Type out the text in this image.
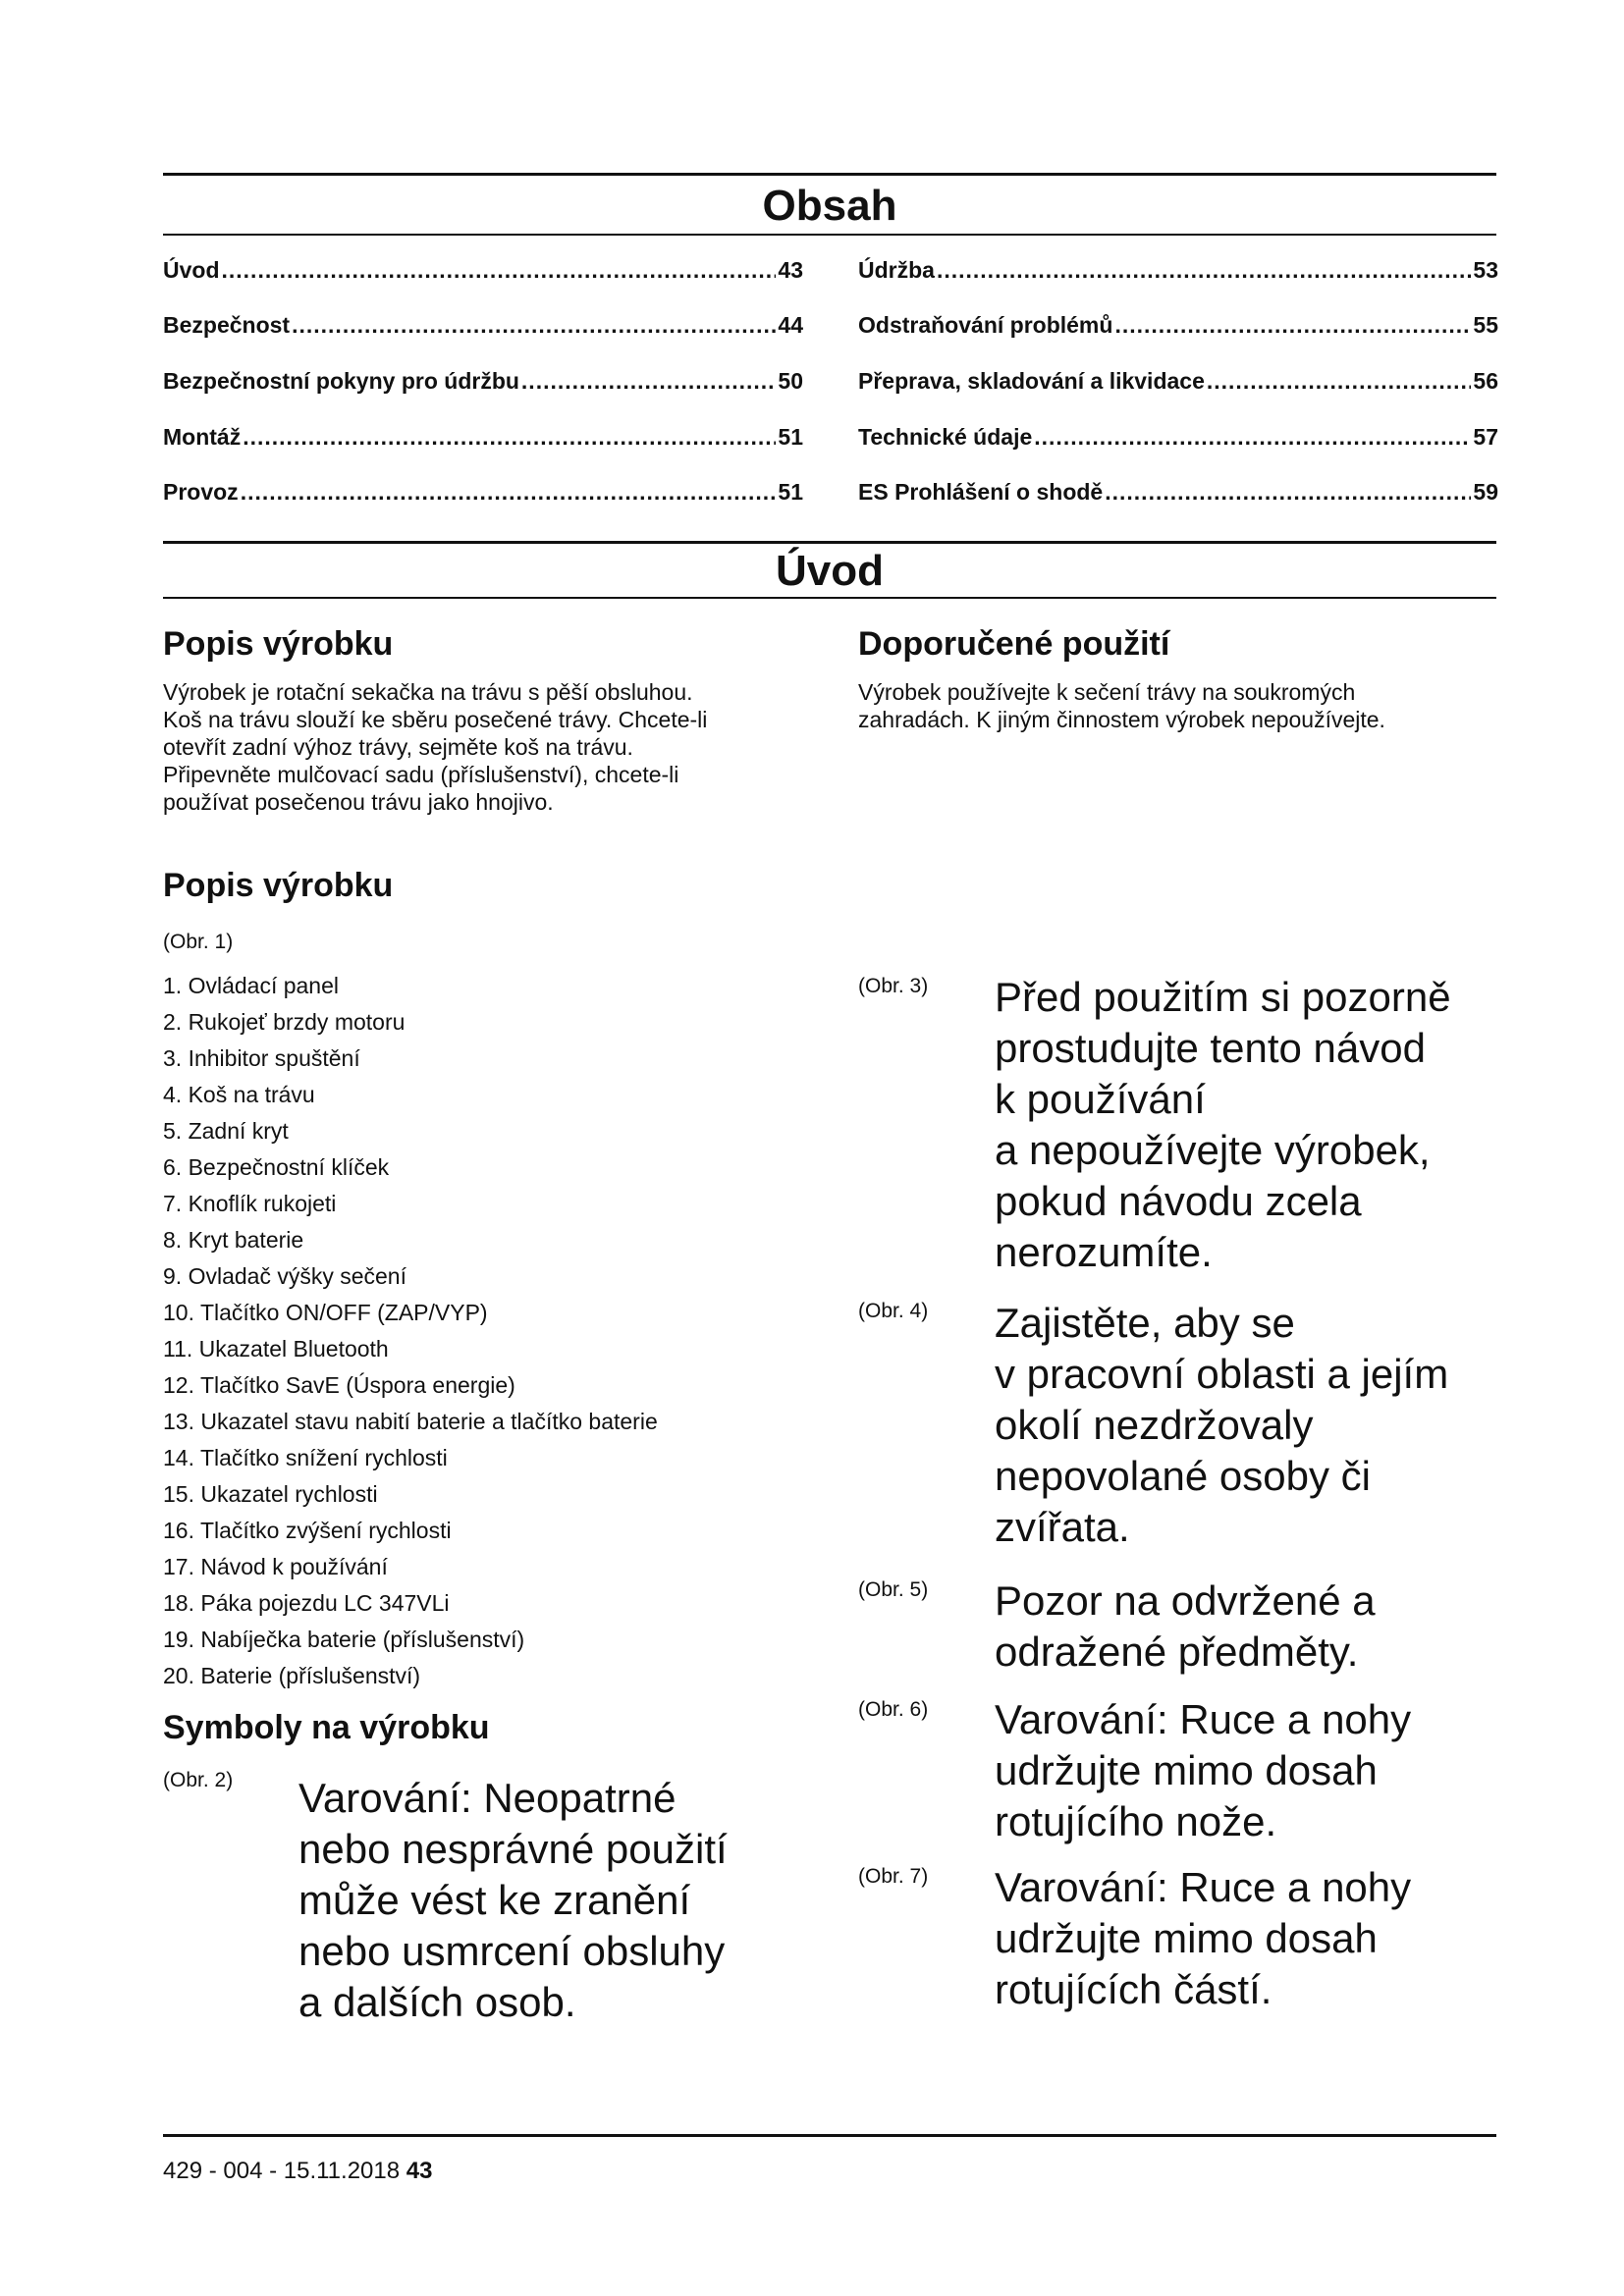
Obsah
Úvod .....	43
Bezpečnost .....	44
Bezpečnostní pokyny pro údržbu .....	50
Montáž .....	51
Provoz .....	51
Údržba .....	53
Odstraňování problémů .....	55
Přeprava, skladování a likvidace .....	56
Technické údaje .....	57
ES Prohlášení o shodě .....	59
Úvod
Popis výrobku
Výrobek je rotační sekačka na trávu s pěší obsluhou.
Koš na trávu slouží ke sběru posečené trávy. Chcete-li
otevřít zadní výhoz trávy, sejměte koš na trávu.
Připevněte mulčovací sadu (příslušenství), chcete-li
používat posečenou trávu jako hnojivo.
Doporučené použití
Výrobek používejte k sečení trávy na soukromých
zahradách. K jiným činnostem výrobek nepoužívejte.
Popis výrobku
(Obr. 1)
1. Ovládací panel
2. Rukojeť brzdy motoru
3. Inhibitor spuštění
4. Koš na trávu
5. Zadní kryt
6. Bezpečnostní klíček
7. Knoflík rukojeti
8. Kryt baterie
9. Ovladač výšky sečení
10. Tlačítko ON/OFF (ZAP/VYP)
11. Ukazatel Bluetooth
12. Tlačítko SavE (Úspora energie)
13. Ukazatel stavu nabití baterie a tlačítko baterie
14. Tlačítko snížení rychlosti
15. Ukazatel rychlosti
16. Tlačítko zvýšení rychlosti
17. Návod k používání
18. Páka pojezdu LC 347VLi
19. Nabíječka baterie (příslušenství)
20. Baterie (příslušenství)
Symboly na výrobku
(Obr. 2) Varování: Neopatrné
nebo nesprávné použití
může vést ke zranění
nebo usmrcení obsluhy
a dalších osob.
(Obr. 3) Před použitím si pozorně
prostudujte tento návod
k používání
a nepoužívejte výrobek,
pokud návodu zcela
nerozumíte.
(Obr. 4) Zajistěte, aby se
v pracovní oblasti a jejím
okolí nezdržovaly
nepovolané osoby či
zvířata.
(Obr. 5) Pozor na odvržené a
odražené předměty.
(Obr. 6) Varování: Ruce a nohy
udržujte mimo dosah
rotujícího nože.
(Obr. 7) Varování: Ruce a nohy
udržujte mimo dosah
rotujících částí.
429 - 004 - 15.11.2018 43
